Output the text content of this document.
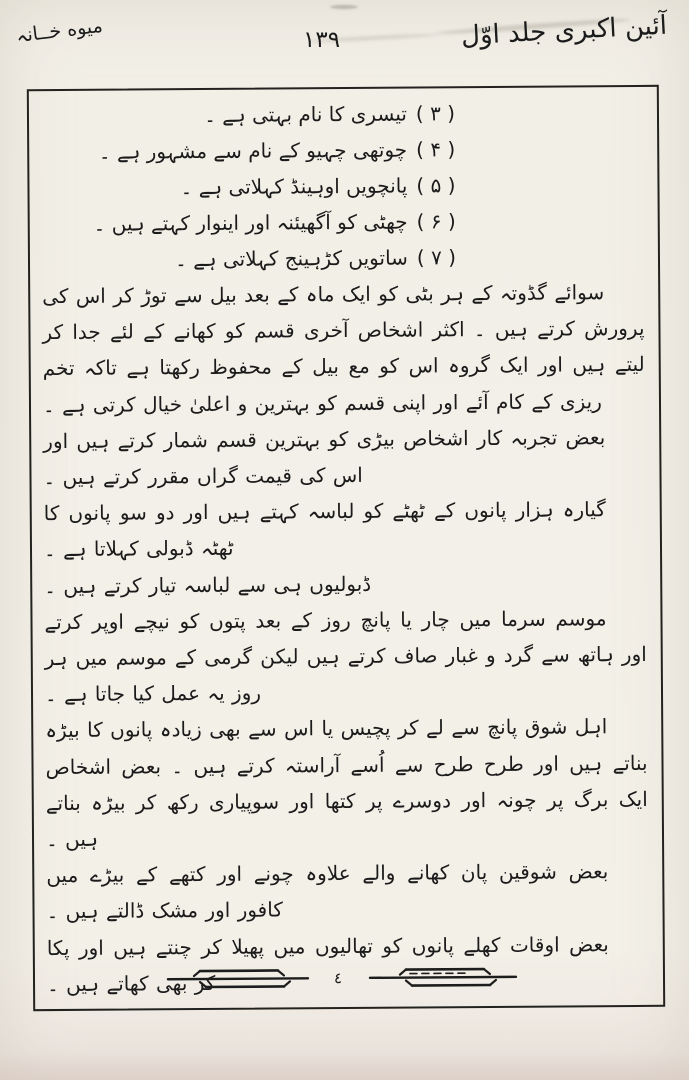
آئین اکبری جلد اوّل
۱۳۹
میوه خــانہ
( ۳ )تیسری کا نام بہتی ہے ۔
( ۴ )چوتھی چہیو کے نام سے مشہور ہے ۔
( ۵ )پانچویں اوہینڈ کہلاتی ہے ۔
( ۶ )چھٹی کو آگھیئنہ اور اینوار کہتے ہیں ۔
( ۷ )ساتویں کڑہینج کہلاتی ہے ۔

سوائے گڈوتہ کے ہر بٹی کو ایک ماہ کے بعد بیل سے توڑ کر اس کی پرورش کرتے ہیں ۔ اکثر اشخاص آخری قسم کو کھانے کے لئے جدا کر لیتے ہیں اور ایک گروہ اس کو مع بیل کے محفوظ رکھتا ہے تاکہ تخم ریزی کے کام آئے اور اپنی قسم کو بہترین و اعلیٰ خیال کرتی ہے ۔

بعض تجربہ کار اشخاص بیڑی کو بہترین قسم شمار کرتے ہیں اور اس کی قیمت گراں مقرر کرتے ہیں ۔

گیارہ ہزار پانوں کے ٹھٹے کو لباسہ کہتے ہیں اور دو سو پانوں کا ٹھٹہ ڈبولی کہلاتا ہے ۔

ڈبولیوں ہی سے لباسہ تیار کرتے ہیں ۔

موسم سرما میں چار یا پانچ روز کے بعد پتوں کو نیچے اوپر کرتے اور ہاتھ سے گرد و غبار صاف کرتے ہیں لیکن گرمی کے موسم میں ہر روز یہ عمل کیا جاتا ہے ۔

اہل شوق پانچ سے لے کر پچیس یا اس سے بھی زیادہ پانوں کا بیڑہ بناتے ہیں اور طرح طرح سے اُسے آراستہ کرتے ہیں ۔ بعض اشخاص ایک برگ پر چونہ اور دوسرے پر کتھا اور سوپیاری رکھ کر بیڑہ بناتے ہیں ۔

بعض شوقین پان کھانے والے علاوہ چونے اور کتھے کے بیڑے میں کافور اور مشک ڈالتے ہیں ۔

بعض اوقات کھلے پانوں کو تھالیوں میں پھیلا کر چنتے ہیں اور پکا کر بھی کھاتے ہیں ۔	٤
